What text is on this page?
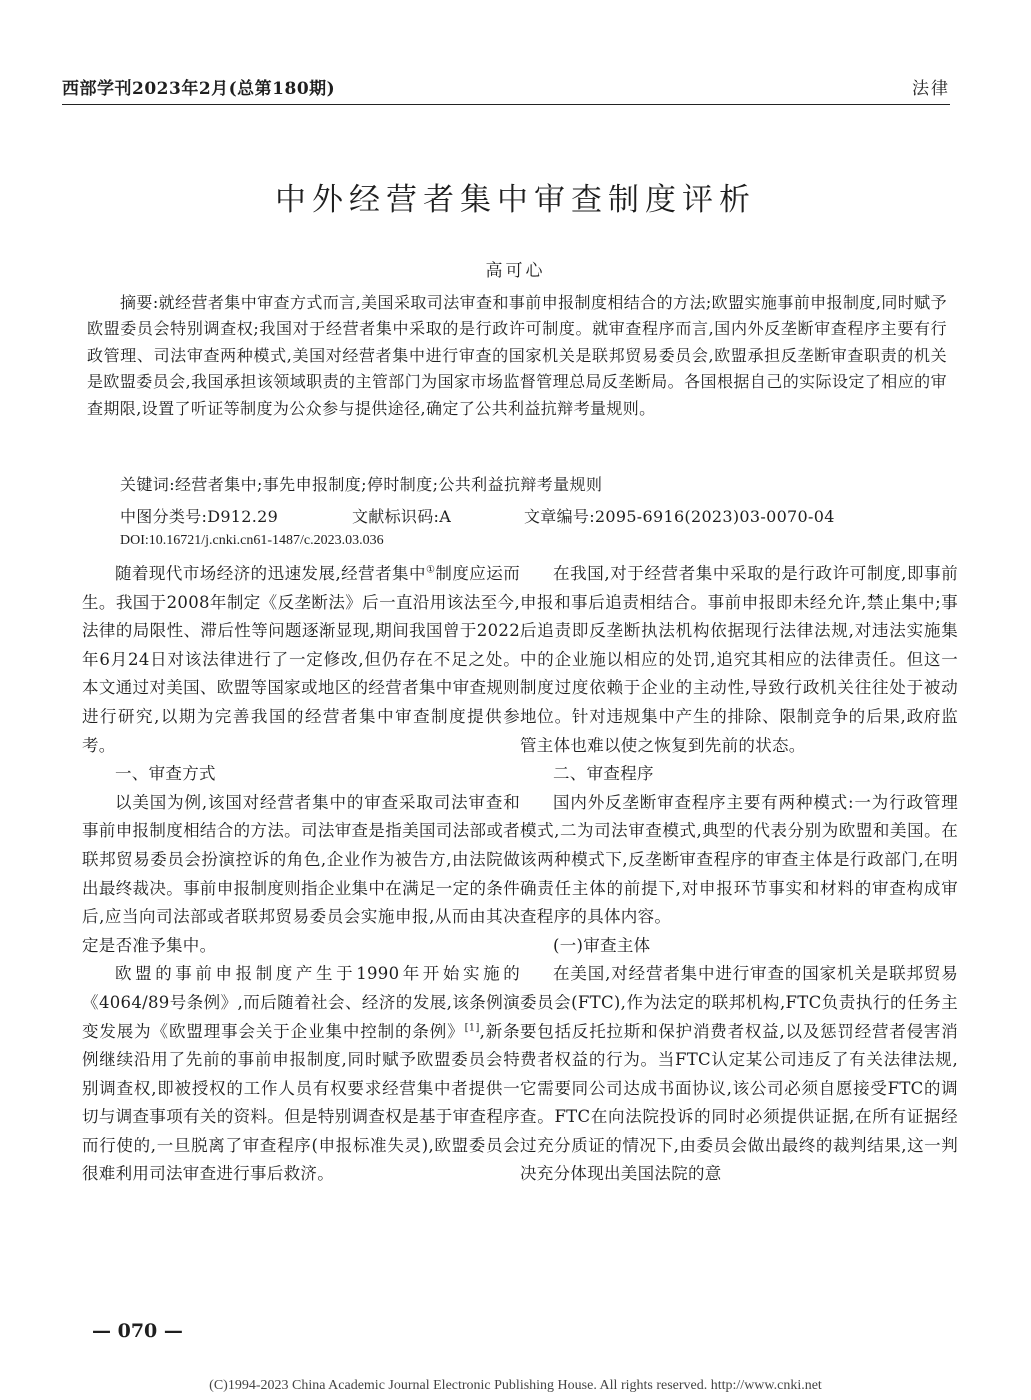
西部学刊2023年2月(总第180期)	法律
中外经营者集中审查制度评析
高可心
摘要:就经营者集中审查方式而言,美国采取司法审查和事前申报制度相结合的方法;欧盟实施事前申报制度,同时赋予欧盟委员会特别调查权;我国对于经营者集中采取的是行政许可制度。就审查程序而言,国内外反垄断审查程序主要有行政管理、司法审查两种模式,美国对经营者集中进行审查的国家机关是联邦贸易委员会,欧盟承担反垄断审查职责的机关是欧盟委员会,我国承担该领域职责的主管部门为国家市场监督管理总局反垄断局。各国根据自己的实际设定了相应的审查期限,设置了听证等制度为公众参与提供途径,确定了公共利益抗辩考量规则。
关键词:经营者集中;事先申报制度;停时制度;公共利益抗辩考量规则
中图分类号:D912.29	文献标识码:A	文章编号:2095-6916(2023)03-0070-04
DOI:10.16721/j.cnki.cn61-1487/c.2023.03.036

随着现代市场经济的迅速发展,经营者集中①制度应运而生。我国于2008年制定《反垄断法》后一直沿用该法至今,法律的局限性、滞后性等问题逐渐显现,期间我国曾于2022年6月24日对该法律进行了一定修改,但仍存在不足之处。本文通过对美国、欧盟等国家或地区的经营者集中审查规则进行研究,以期为完善我国的经营者集中审查制度提供参考。

一、审查方式

以美国为例,该国对经营者集中的审查采取司法审查和事前申报制度相结合的方法。司法审查是指美国司法部或者联邦贸易委员会扮演控诉的角色,企业作为被告方,由法院做出最终裁决。事前申报制度则指企业集中在满足一定的条件后,应当向司法部或者联邦贸易委员会实施申报,从而由其决定是否准予集中。

欧盟的事前申报制度产生于1990年开始实施的《4064/89号条例》,而后随着社会、经济的发展,该条例演变发展为《欧盟理事会关于企业集中控制的条例》[1],新条例继续沿用了先前的事前申报制度,同时赋予欧盟委员会特别调查权,即被授权的工作人员有权要求经营集中者提供一切与调查事项有关的资料。但是特别调查权是基于审查程序而行使的,一旦脱离了审查程序(申报标准失灵),欧盟委员会很难利用司法审查进行事后救济。

在我国,对于经营者集中采取的是行政许可制度,即事前申报和事后追责相结合。事前申报即未经允许,禁止集中;事后追责即反垄断执法机构依据现行法律法规,对违法实施集中的企业施以相应的处罚,追究其相应的法律责任。但这一制度过度依赖于企业的主动性,导致行政机关往往处于被动地位。针对违规集中产生的排除、限制竞争的后果,政府监管主体也难以使之恢复到先前的状态。

二、审查程序

国内外反垄断审查程序主要有两种模式:一为行政管理模式,二为司法审查模式,典型的代表分别为欧盟和美国。在该两种模式下,反垄断审查程序的审查主体是行政部门,在明确责任主体的前提下,对申报环节事实和材料的审查构成审查程序的具体内容。

(一)审查主体

在美国,对经营者集中进行审查的国家机关是联邦贸易委员会(FTC),作为法定的联邦机构,FTC负责执行的任务主要包括反托拉斯和保护消费者权益,以及惩罚经营者侵害消费者权益的行为。当FTC认定某公司违反了有关法律法规,它需要同公司达成书面协议,该公司必须自愿接受FTC的调查。FTC在向法院投诉的同时必须提供证据,在所有证据经过充分质证的情况下,由委员会做出最终的裁判结果,这一判决充分体现出美国法院的意

— 070 —
(C)1994-2023 China Academic Journal Electronic Publishing House. All rights reserved. http://www.cnki.net
